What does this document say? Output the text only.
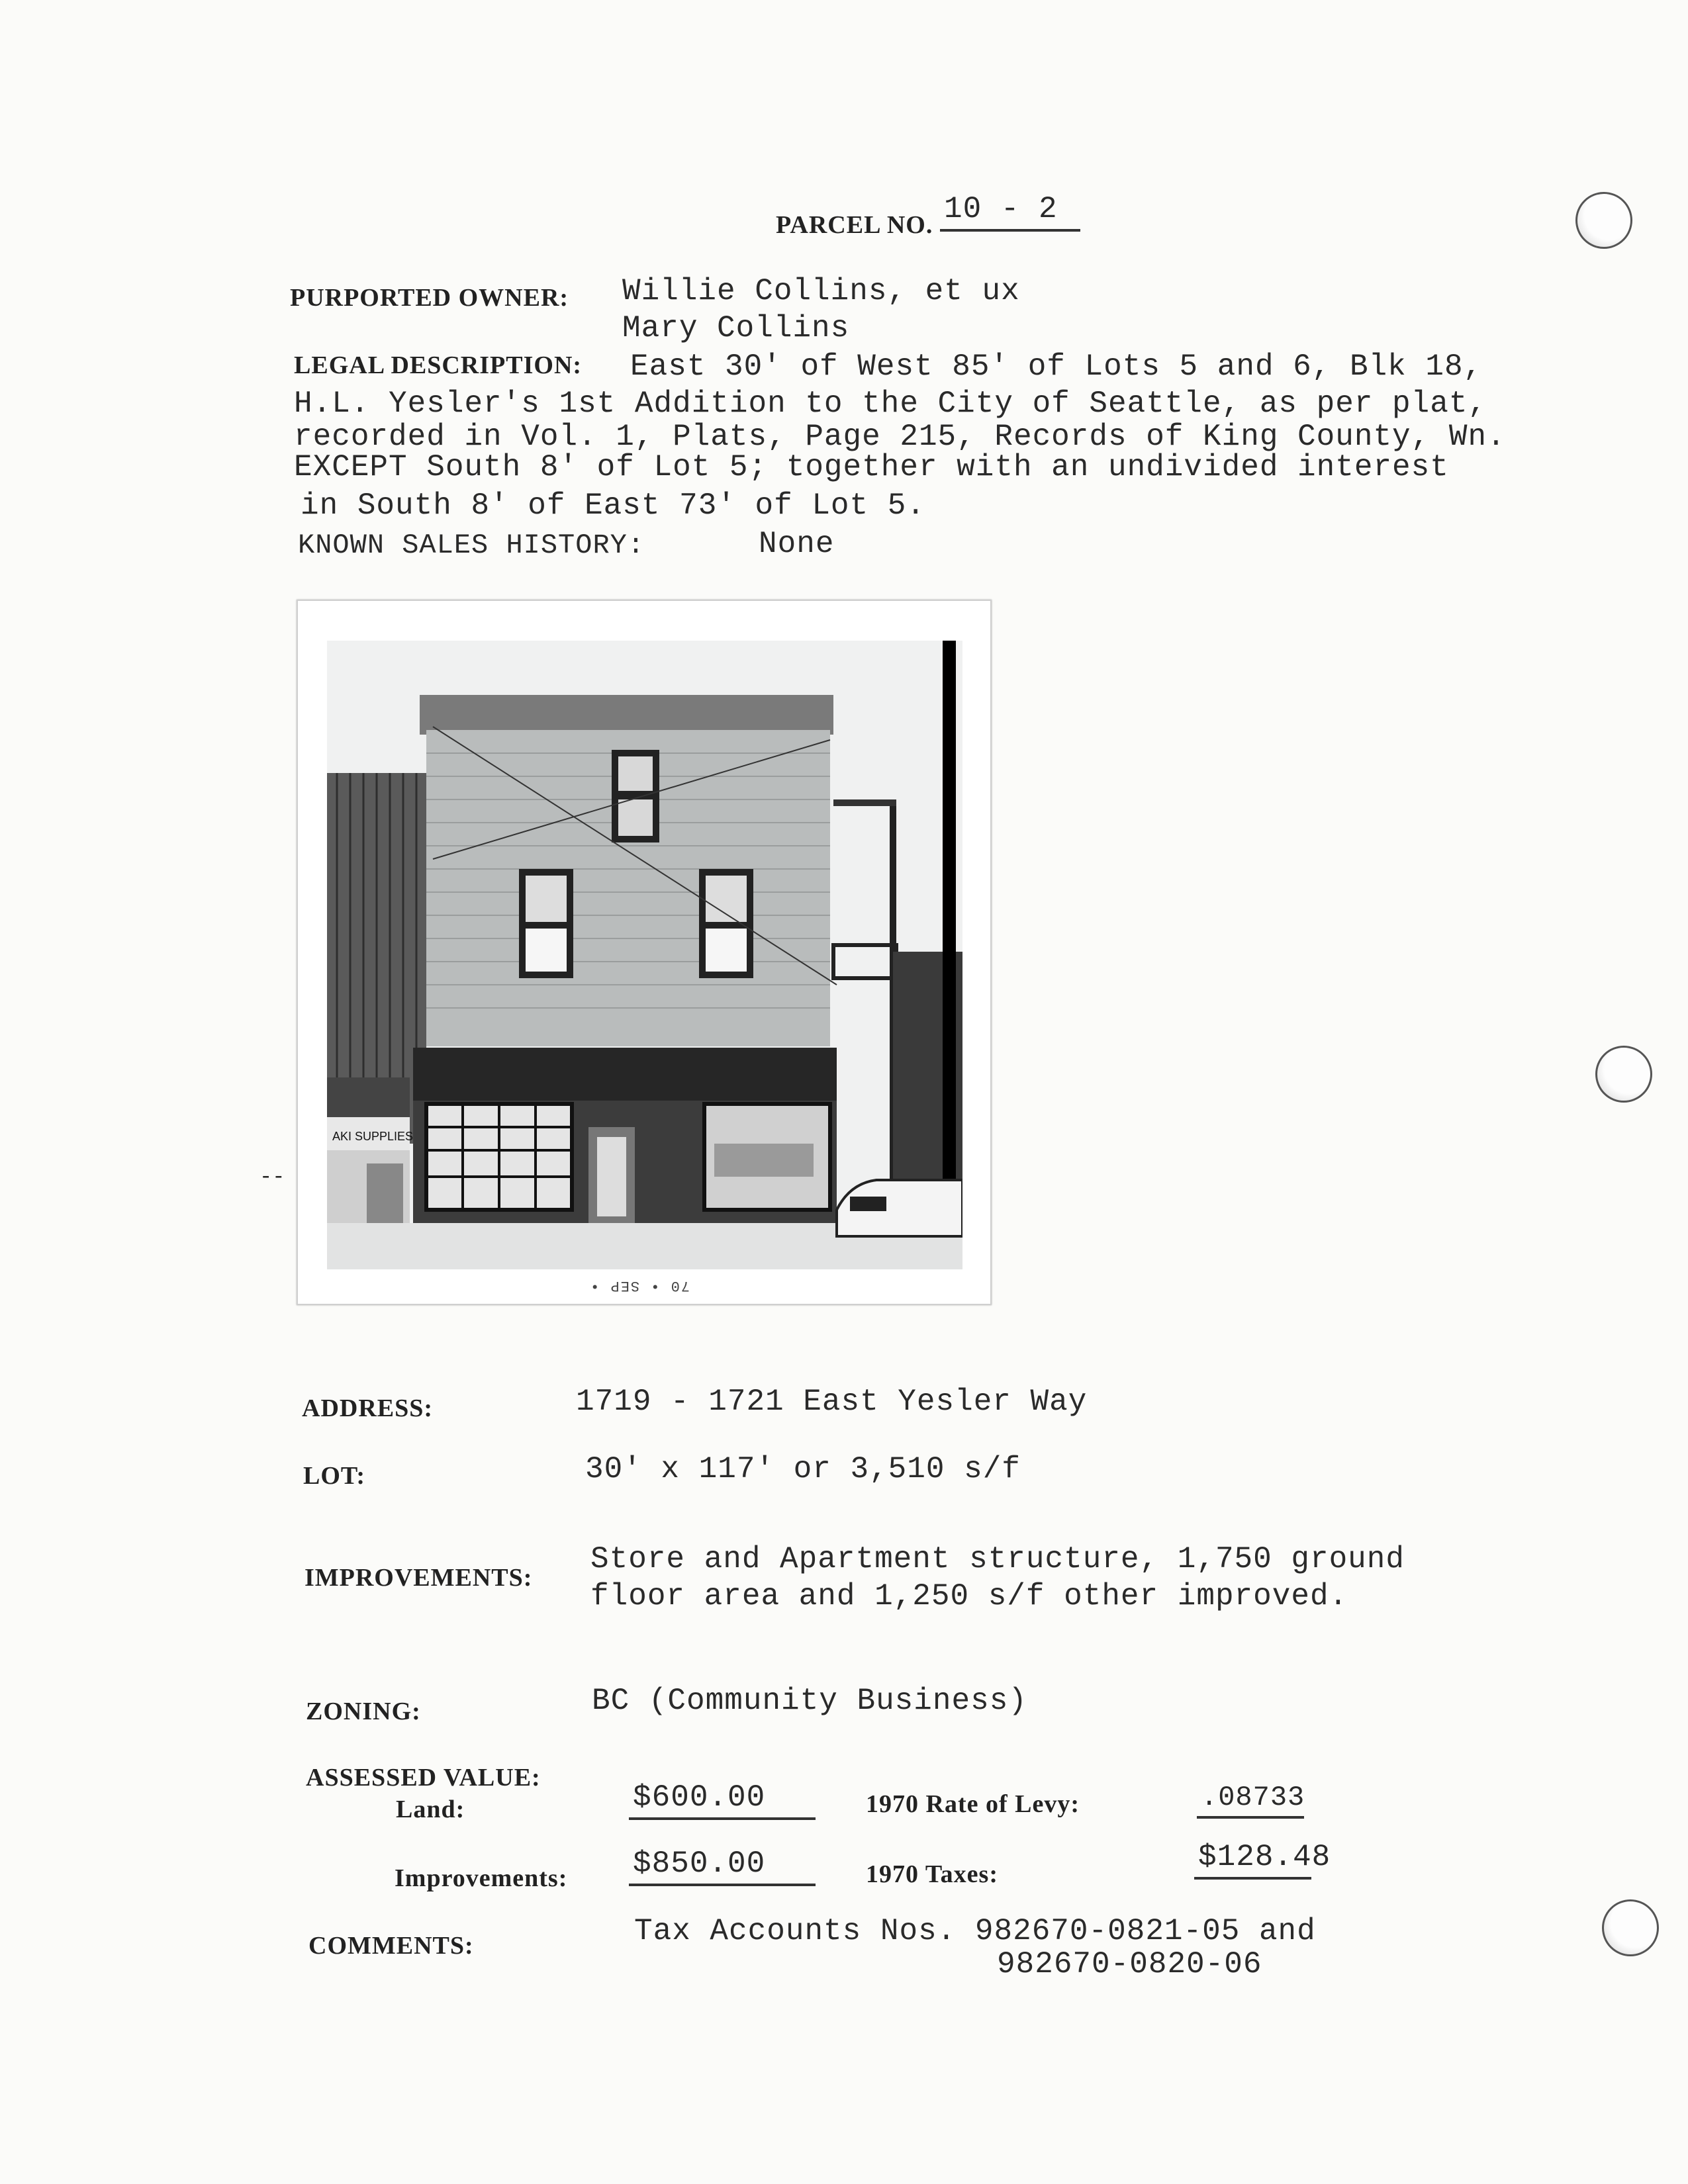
--
PARCEL NO. 10 - 2
PURPORTED OWNER: Willie Collins, et ux
Mary Collins
LEGAL DESCRIPTION: East 30' of West 85' of Lots 5 and 6, Blk 18,
H.L. Yesler's 1st Addition to the City of Seattle, as per plat,
recorded in Vol. 1, Plats, Page 215, Records of King County, Wn.
EXCEPT South 8' of Lot 5; together with an undivided interest
in South 8' of East 73' of Lot 5.
KNOWN SALES HISTORY:	None
AKI SUPPLIES
70 • SEP •
ADDRESS:	1719 - 1721 East Yesler Way
LOT:	30' x 117' or 3,510 s/f
IMPROVEMENTS:
Store and Apartment structure, 1,750 ground
floor area and 1,250 s/f other improved.
ZONING:	BC (Community Business)
ASSESSED VALUE:
Land:	$600.00	1970 Rate of Levy:	.08733
Improvements: $850.00	1970 Taxes:	$128.48
COMMENTS:	Tax Accounts Nos. 982670-0821-05 and
982670-0820-06
